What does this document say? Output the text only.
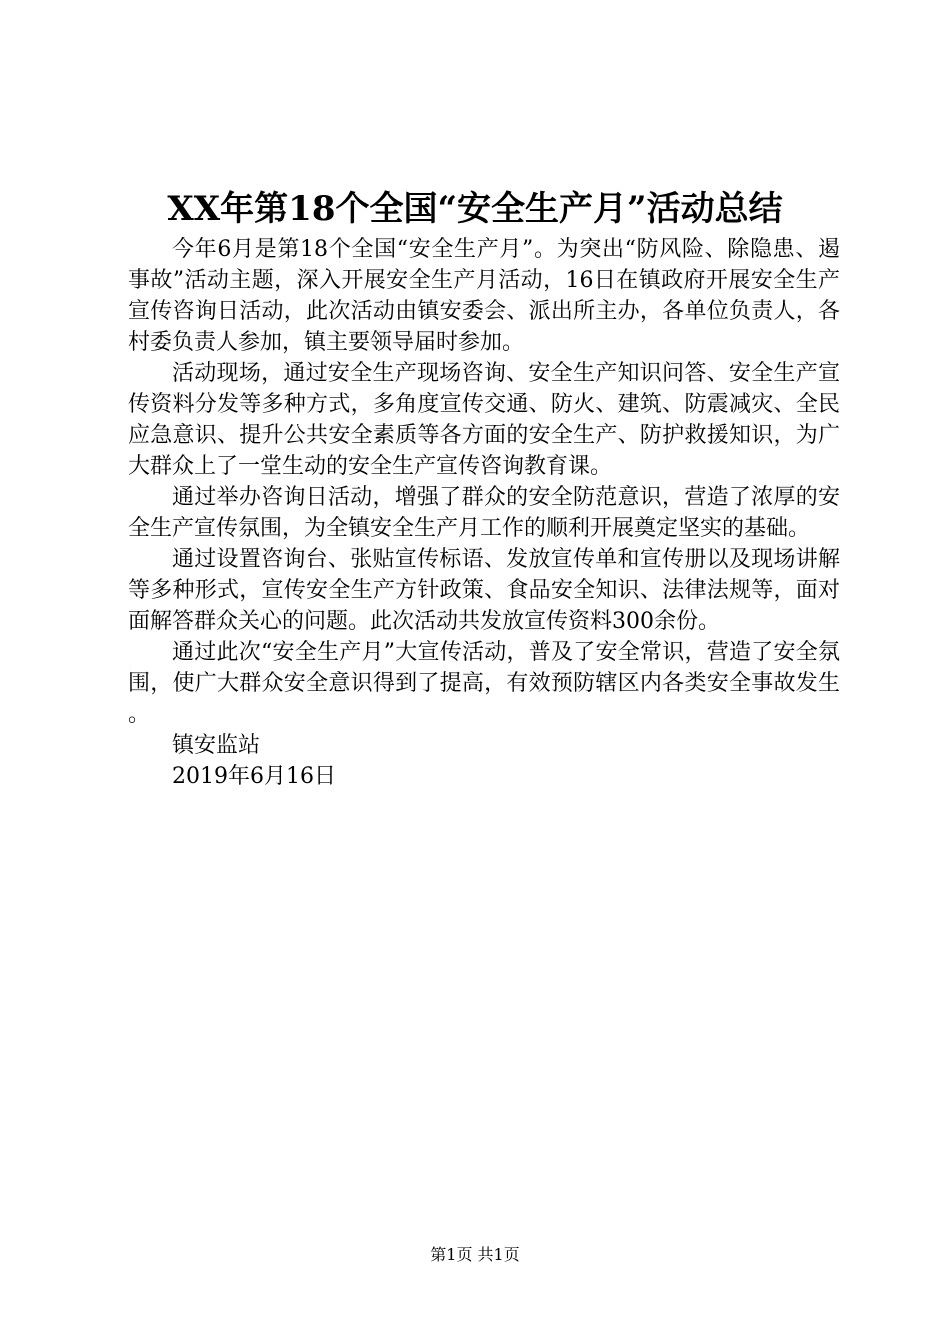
XX年第18个全国“安全生产月”活动总结

今年6月是第18个全国“安全生产月”。为突出“防风险、除隐患、遏事故”活动主题，深入开展安全生产月活动，16日在镇政府开展安全生产宣传咨询日活动，此次活动由镇安委会、派出所主办，各单位负责人，各村委负责人参加，镇主要领导届时参加。

活动现场，通过安全生产现场咨询、安全生产知识问答、安全生产宣传资料分发等多种方式，多角度宣传交通、防火、建筑、防震减灾、全民应急意识、提升公共安全素质等各方面的安全生产、防护救援知识，为广大群众上了一堂生动的安全生产宣传咨询教育课。

通过举办咨询日活动，增强了群众的安全防范意识，营造了浓厚的安全生产宣传氛围，为全镇安全生产月工作的顺利开展奠定坚实的基础。

通过设置咨询台、张贴宣传标语、发放宣传单和宣传册以及现场讲解等多种形式，宣传安全生产方针政策、食品安全知识、法律法规等，面对面解答群众关心的问题。此次活动共发放宣传资料300余份。

通过此次“安全生产月”大宣传活动，普及了安全常识，营造了安全氛围，使广大群众安全意识得到了提高，有效预防辖区内各类安全事故发生。

镇安监站

2019年6月16日

第1页 共1页
